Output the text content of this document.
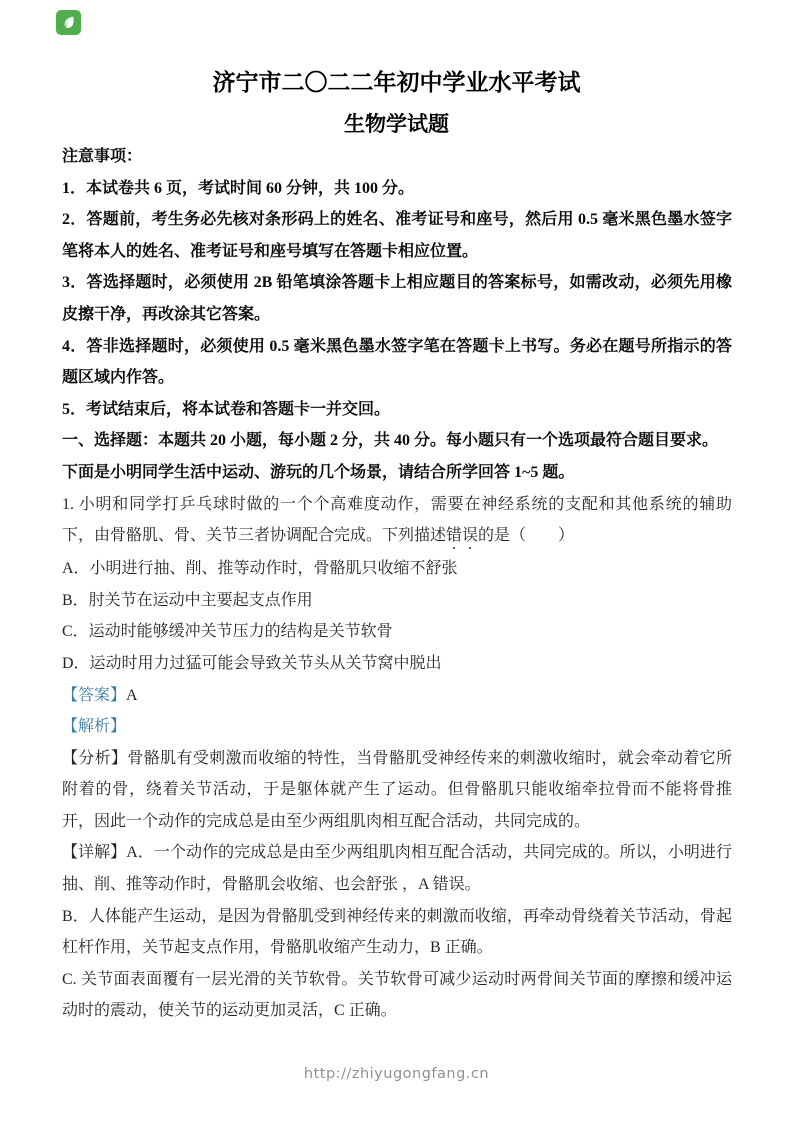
济宁市二〇二二年初中学业水平考试
生物学试题

注意事项：

1．本试卷共 6 页，考试时间 60 分钟，共 100 分。

2．答题前，考生务必先核对条形码上的姓名、准考证号和座号，然后用 0.5 毫米黑色墨水签字笔将本人的姓名、准考证号和座号填写在答题卡相应位置。

3．答选择题时，必须使用 2B 铅笔填涂答题卡上相应题目的答案标号，如需改动，必须先用橡皮擦干净，再改涂其它答案。

4．答非选择题时，必须使用 0.5 毫米黑色墨水签字笔在答题卡上书写。务必在题号所指示的答题区域内作答。

5．考试结束后，将本试卷和答题卡一并交回。

一、选择题：本题共 20 小题，每小题 2 分，共 40 分。每小题只有一个选项最符合题目要求。

下面是小明同学生活中运动、游玩的几个场景，请结合所学回答 1~5 题。

1. 小明和同学打乒乓球时做的一个个高难度动作，需要在神经系统的支配和其他系统的辅助下，由骨骼肌、骨、关节三者协调配合完成。下列描述错误的是（　　）

A．小明进行抽、削、推等动作时，骨骼肌只收缩不舒张

B．肘关节在运动中主要起支点作用

C．运动时能够缓冲关节压力的结构是关节软骨

D．运动时用力过猛可能会导致关节头从关节窝中脱出

【答案】A

【解析】

【分析】骨骼肌有受刺激而收缩的特性，当骨骼肌受神经传来的刺激收缩时，就会牵动着它所附着的骨，绕着关节活动，于是躯体就产生了运动。但骨骼肌只能收缩牵拉骨而不能将骨推开，因此一个动作的完成总是由至少两组肌肉相互配合活动，共同完成的。

【详解】A．一个动作的完成总是由至少两组肌肉相互配合活动，共同完成的。所以，小明进行抽、削、推等动作时，骨骼肌会收缩、也会舒张 ，A 错误。

B．人体能产生运动，是因为骨骼肌受到神经传来的刺激而收缩，再牵动骨绕着关节活动，骨起杠杆作用，关节起支点作用，骨骼肌收缩产生动力，B 正确。

C. 关节面表面覆有一层光滑的关节软骨。关节软骨可减少运动时两骨间关节面的摩擦和缓冲运动时的震动，使关节的运动更加灵活，C 正确。

http://zhiyugongfang.cn
